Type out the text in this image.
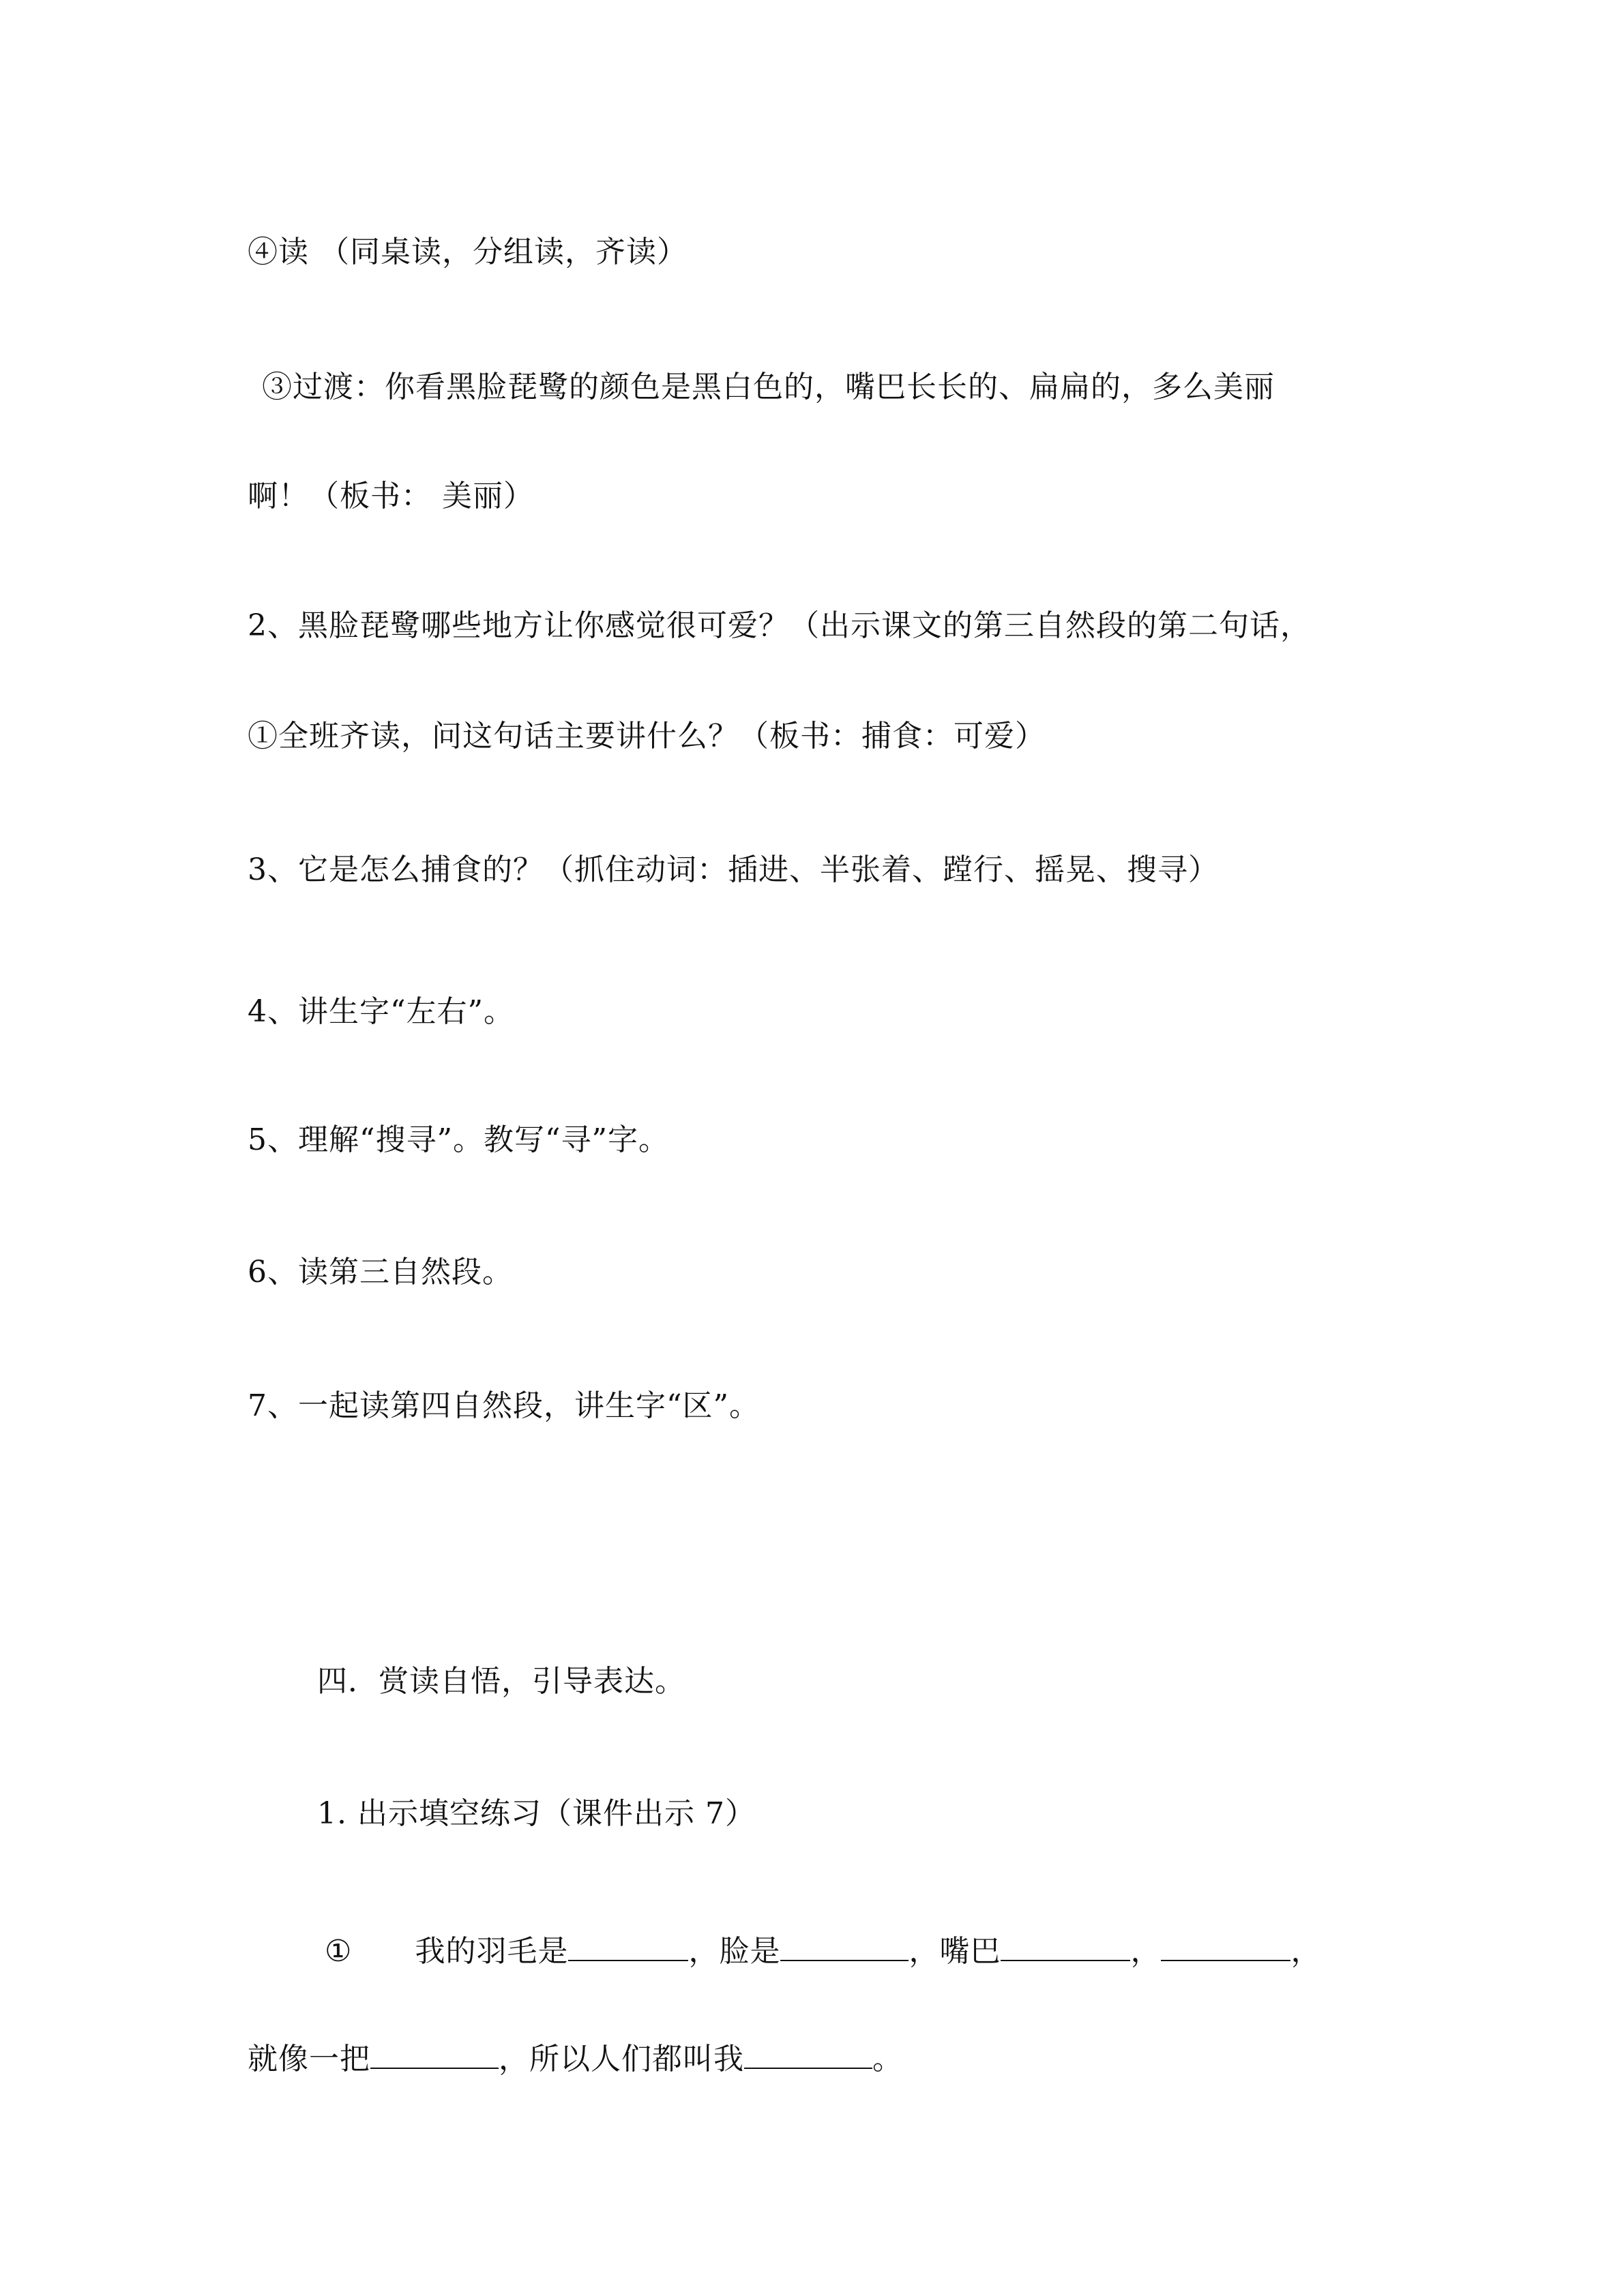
④读 （同桌读，分组读，齐读）
③过渡：你看黑脸琵鹭的颜色是黑白色的，嘴巴长长的、扁扁的，多么美丽
啊！（板书： 美丽）
2、黑脸琵鹭哪些地方让你感觉很可爱？（出示课文的第三自然段的第二句话，
①全班齐读，问这句话主要讲什么？（板书：捕食：可爱）
3、它是怎么捕食的？（抓住动词：插进、半张着、蹚行、摇晃、搜寻）
4、讲生字“左右”。
5、理解“搜寻”。教写“寻”字。
6、读第三自然段。
7、一起读第四自然段，讲生字“区”。
四．赏读自悟，引导表达。
1. 出示填空练习（课件出示 7）
① 我的羽毛是	，脸是	，嘴巴	，	，
就像一把	，所以人们都叫我	。
